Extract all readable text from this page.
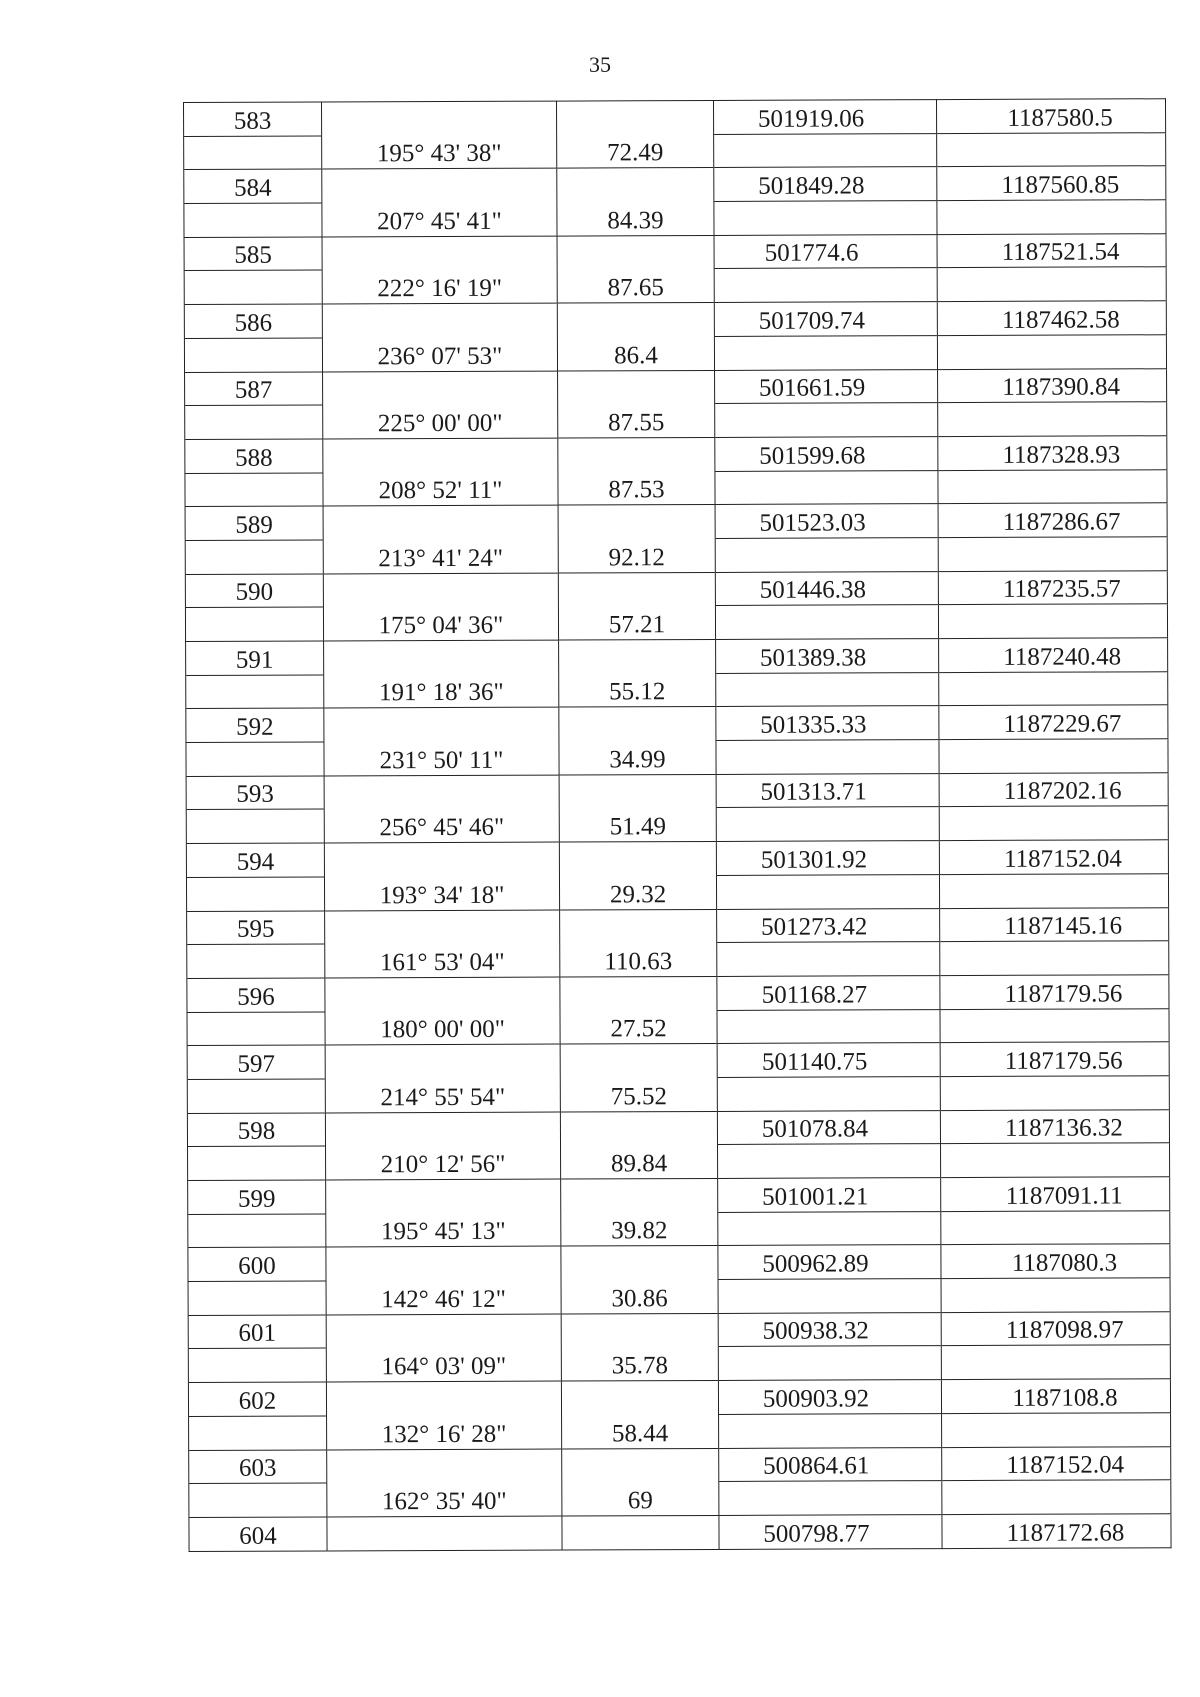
35
583			501919.06	1187580.5
	195° 43' 38"	72.49		
584			501849.28	1187560.85
	207° 45' 41"	84.39		
585			501774.6	1187521.54
	222° 16' 19"	87.65		
586			501709.74	1187462.58
	236° 07' 53"	86.4		
587			501661.59	1187390.84
	225° 00' 00"	87.55		
588			501599.68	1187328.93
	208° 52' 11"	87.53		
589			501523.03	1187286.67
	213° 41' 24"	92.12		
590			501446.38	1187235.57
	175° 04' 36"	57.21		
591			501389.38	1187240.48
	191° 18' 36"	55.12		
592			501335.33	1187229.67
	231° 50' 11"	34.99		
593			501313.71	1187202.16
	256° 45' 46"	51.49		
594			501301.92	1187152.04
	193° 34' 18"	29.32		
595			501273.42	1187145.16
	161° 53' 04"	110.63		
596			501168.27	1187179.56
	180° 00' 00"	27.52		
597			501140.75	1187179.56
	214° 55' 54"	75.52		
598			501078.84	1187136.32
	210° 12' 56"	89.84		
599			501001.21	1187091.11
	195° 45' 13"	39.82		
600			500962.89	1187080.3
	142° 46' 12"	30.86		
601			500938.32	1187098.97
	164° 03' 09"	35.78		
602			500903.92	1187108.8
	132° 16' 28"	58.44		
603			500864.61	1187152.04
	162° 35' 40"	69		
604			500798.77	1187172.68
